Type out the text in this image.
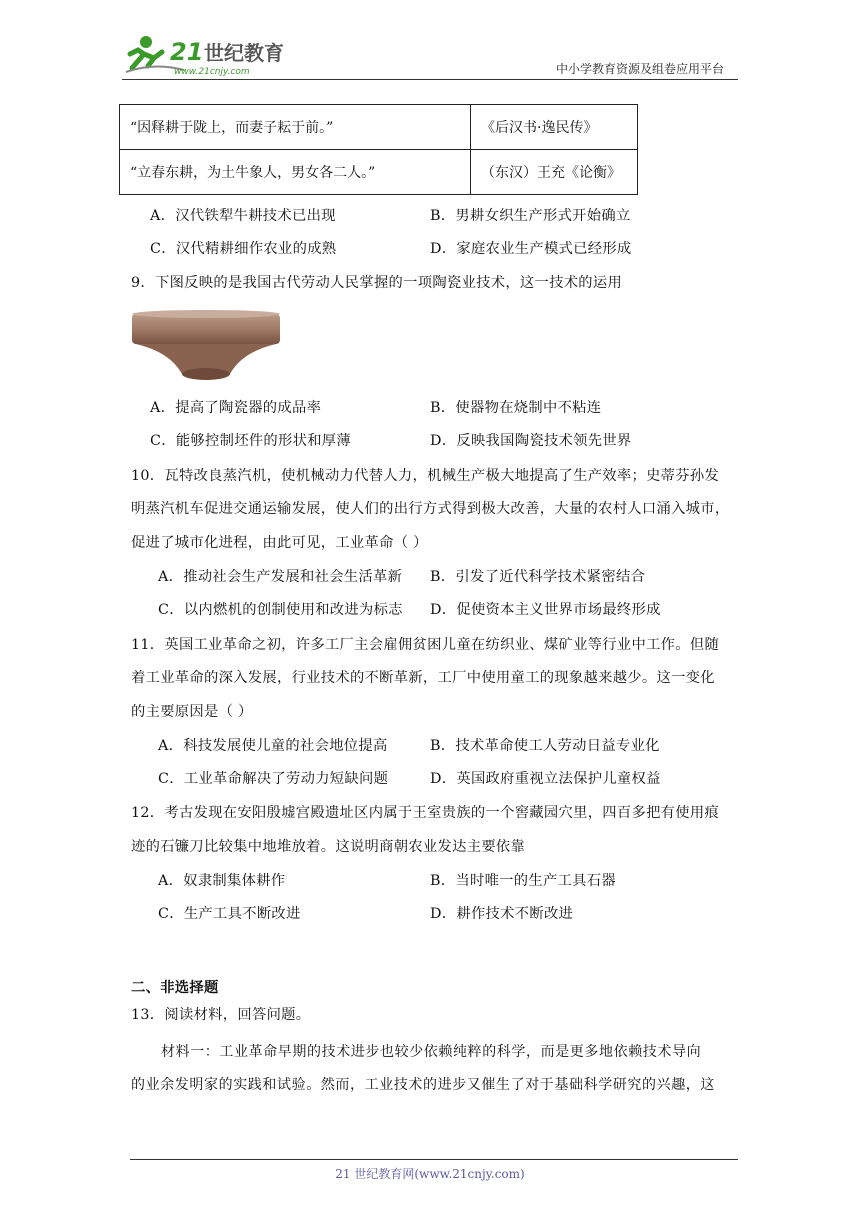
21 世纪教育
www.21cnjy.com	中小学教育资源及组卷应用平台
“因释耕于陇上，而妻子耘于前。”	《后汉书·逸民传》
“立春东耕，为土牛象人，男女各二人。”	（东汉）王充《论衡》
A．汉代铁犁牛耕技术已出现	B．男耕女织生产形式开始确立
C．汉代精耕细作农业的成熟	D．家庭农业生产模式已经形成
9．下图反映的是我国古代劳动人民掌握的一项陶瓷业技术，这一技术的运用
A．提高了陶瓷器的成品率	B．使器物在烧制中不粘连
C．能够控制坯件的形状和厚薄	D．反映我国陶瓷技术领先世界
10．瓦特改良蒸汽机，使机械动力代替人力，机械生产极大地提高了生产效率；史蒂芬孙发
明蒸汽机车促进交通运输发展，使人们的出行方式得到极大改善，大量的农村人口涌入城市，
促进了城市化进程，由此可见，工业革命（ ）
A．推动社会生产发展和社会生活革新 B．引发了近代科学技术紧密结合
C．以内燃机的创制使用和改进为标志 D．促使资本主义世界市场最终形成
11．英国工业革命之初，许多工厂主会雇佣贫困儿童在纺织业、煤矿业等行业中工作。但随
着工业革命的深入发展，行业技术的不断革新，工厂中使用童工的现象越来越少。这一变化
的主要原因是（ ）
A．科技发展使儿童的社会地位提高	B．技术革命使工人劳动日益专业化
C．工业革命解决了劳动力短缺问题	D．英国政府重视立法保护儿童权益
12．考古发现在安阳殷墟宫殿遗址区内属于王室贵族的一个窖藏园穴里，四百多把有使用痕
迹的石镰刀比较集中地堆放着。这说明商朝农业发达主要依靠
A．奴隶制集体耕作	B．当时唯一的生产工具石器
C．生产工具不断改进	D．耕作技术不断改进
二、非选择题
13．阅读材料，回答问题。
材料一：工业革命早期的技术进步也较少依赖纯粹的科学，而是更多地依赖技术导向
的业余发明家的实践和试验。然而，工业技术的进步又催生了对于基础科学研究的兴趣，这
21 世纪教育网(www.21cnjy.com)
